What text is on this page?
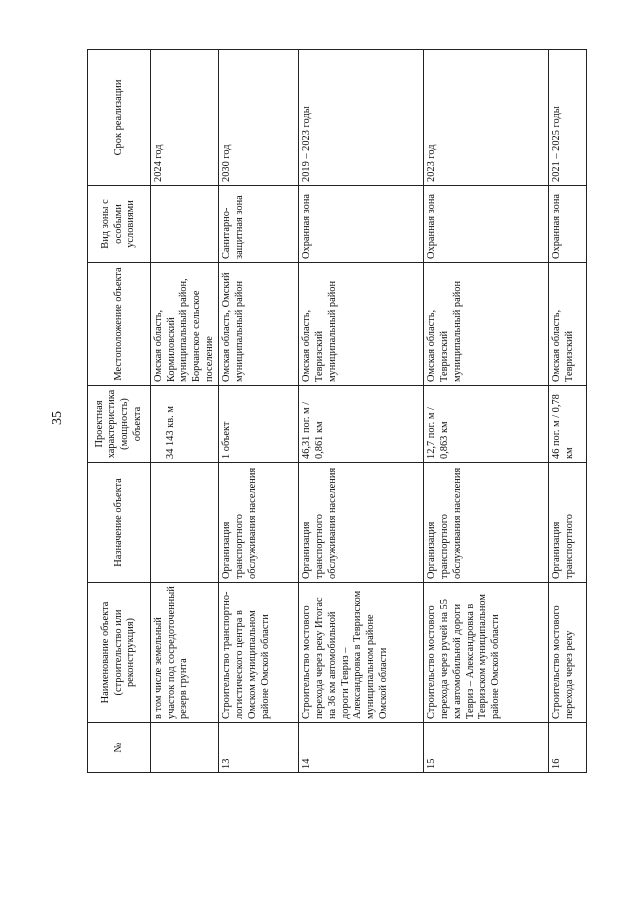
35
№	Наименование объекта (строительство или реконструкция)	Назначение объекта	Проектная характеристика (мощность) объекта	Местоположение объекта	Вид зоны с особыми условиями	Срок реализации
	в том числе земельный участок под сосредоточенный резерв грунта		34 143 кв. м	Омская область, Кормиловский муниципальный район, Борчанское сельское поселение		2024 год
13	Строительство транспортно-логистического центра в Омском муниципальном районе Омской области	Организация транспортного обслуживания населения	1 объект	Омская область, Омский муниципальный район	Санитарно-защитная зона	2030 год
14	Строительство мостового перехода через реку Итогас на 36 км автомобильной дороги Тевриз – Александровка в Тевризском муниципальном районе Омской области	Организация транспортного обслуживания населения	46,31 пог. м / 0,861 км	Омская область, Тевризский муниципальный район	Охранная зона	2019 – 2023 годы
15	Строительство мостового перехода через ручей на 55 км автомобильной дороги Тевриз – Александровка в Тевризском муниципальном районе Омской области	Организация транспортного обслуживания населения	12,7 пог. м / 0,863 км	Омская область, Тевризский муниципальный район	Охранная зона	2023 год
16	Строительство мостового перехода через реку	Организация транспортного	46 пог. м / 0,78 км	Омская область, Тевризский	Охранная зона	2021 – 2025 годы
